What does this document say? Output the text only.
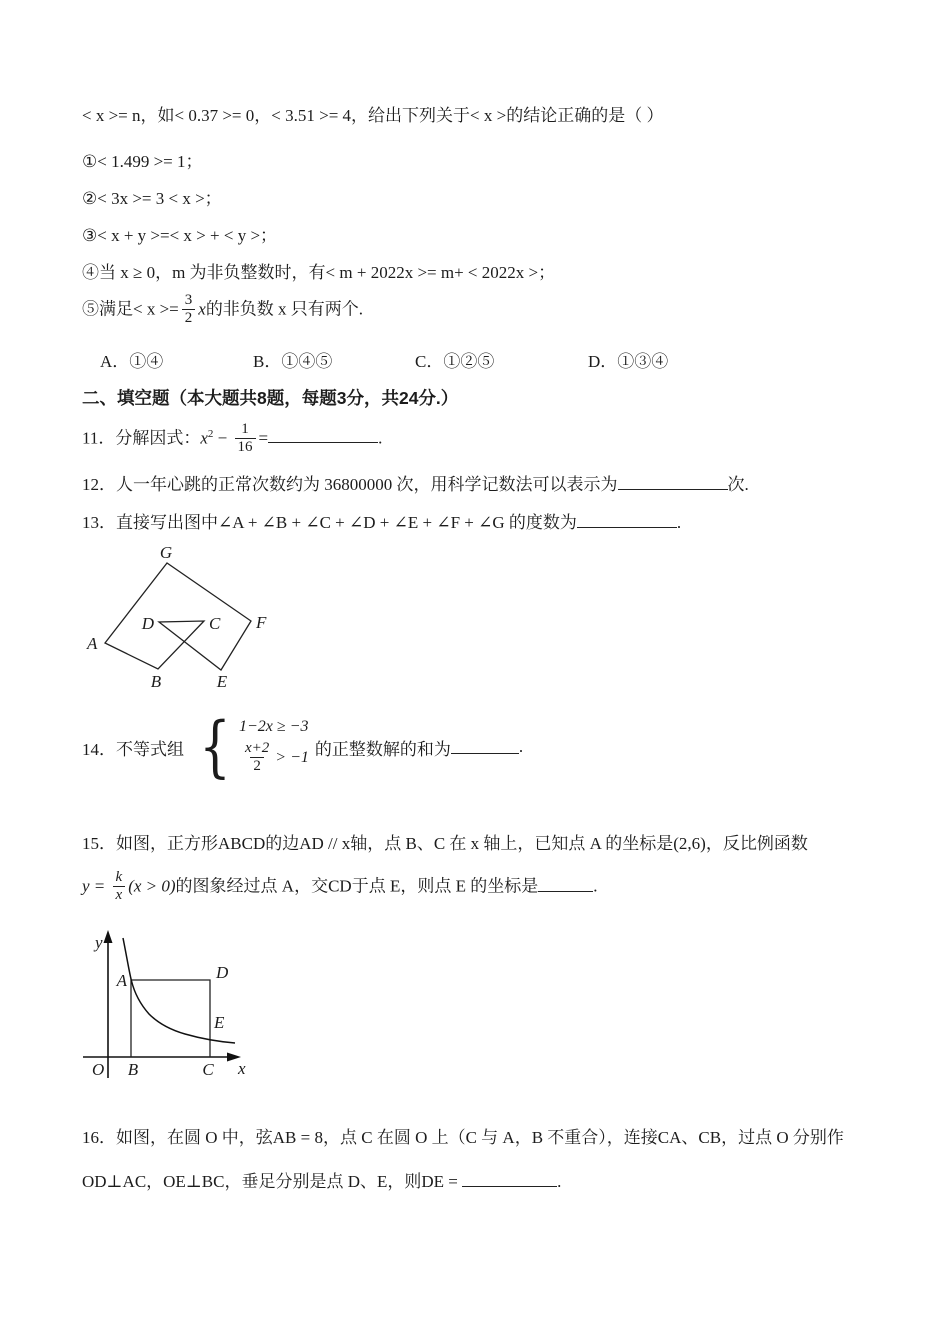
< x >= n，如< 0.37 >= 0，< 3.51 >= 4，给出下列关于< x >的结论正确的是（ ）
①< 1.499 >= 1；
②< 3x >= 3 < x >；
③< x + y >=< x > + < y >；
④当 x ≥ 0，m 为非负整数时，有< m + 2022x >= m+ < 2022x >；
⑤满足< $x >= \frac{3}{2}$ x的非负数 x 只有两个.
A．①④	B．①④⑤	C．①②⑤	D．①③④
二、填空题（本大题共8题，每题3分，共24分.）
11．分解因式：$x^2 - \frac{1}{16}$ =	.
12．人一年心跳的正常次数约为 36800000 次，用科学记数法可以表示为	次.
13．直接写出图中∠A + ∠B + ∠C + ∠D + ∠E + ∠F + ∠G 的度数为	.
G
A
F
D	C
B	E
14．不等式组 { 1−2x ≥ −3
$\frac{x+2}{2} > -1$ 的正整数解的和为	.
15．如图，正方形ABCD的边AD // x轴，点 B、C 在 x 轴上，已知点 A 的坐标是(2,6)，反比例函数
$y = \frac{k}{x} (x > 0)$的图象经过点 A，交CD于点 E，则点 E 的坐标是	.
y
A	D
E
O B	C x
16．如图，在圆 O 中，弦AB = 8，点 C 在圆 O 上（C 与 A，B 不重合），连接CA、CB，过点 O 分别作
OD⊥AC，OE⊥BC，垂足分别是点 D、E，则DE =	.
